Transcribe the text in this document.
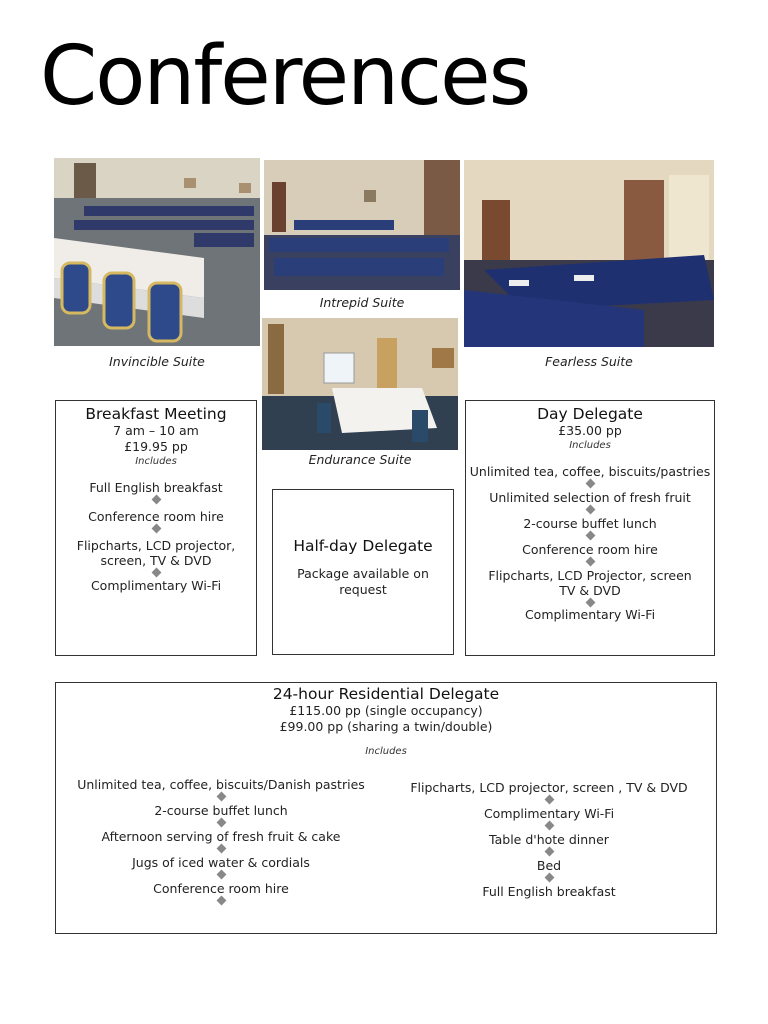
Conferences
Invincible Suite
Intrepid Suite
Fearless Suite
Endurance Suite
Breakfast Meeting
7 am – 10 am
£19.95 pp
Includes
Full English breakfast
Conference room hire
Flipcharts, LCD projector, screen, TV & DVD
Complimentary Wi-Fi
Half-day Delegate
Package available on request
Day Delegate
£35.00 pp
Includes
Unlimited tea, coffee, biscuits/pastries
Unlimited selection of fresh fruit
2-course buffet lunch
Conference room hire
Flipcharts, LCD Projector, screen TV & DVD
Complimentary Wi-Fi
24-hour Residential Delegate
£115.00 pp (single occupancy)
£99.00 pp (sharing a twin/double)
Includes
Unlimited tea, coffee, biscuits/Danish pastries
2-course buffet lunch
Afternoon serving of fresh fruit & cake
Jugs of iced water & cordials
Conference room hire
Flipcharts, LCD projector, screen , TV & DVD
Complimentary Wi-Fi
Table d'hote dinner
Bed
Full English breakfast
